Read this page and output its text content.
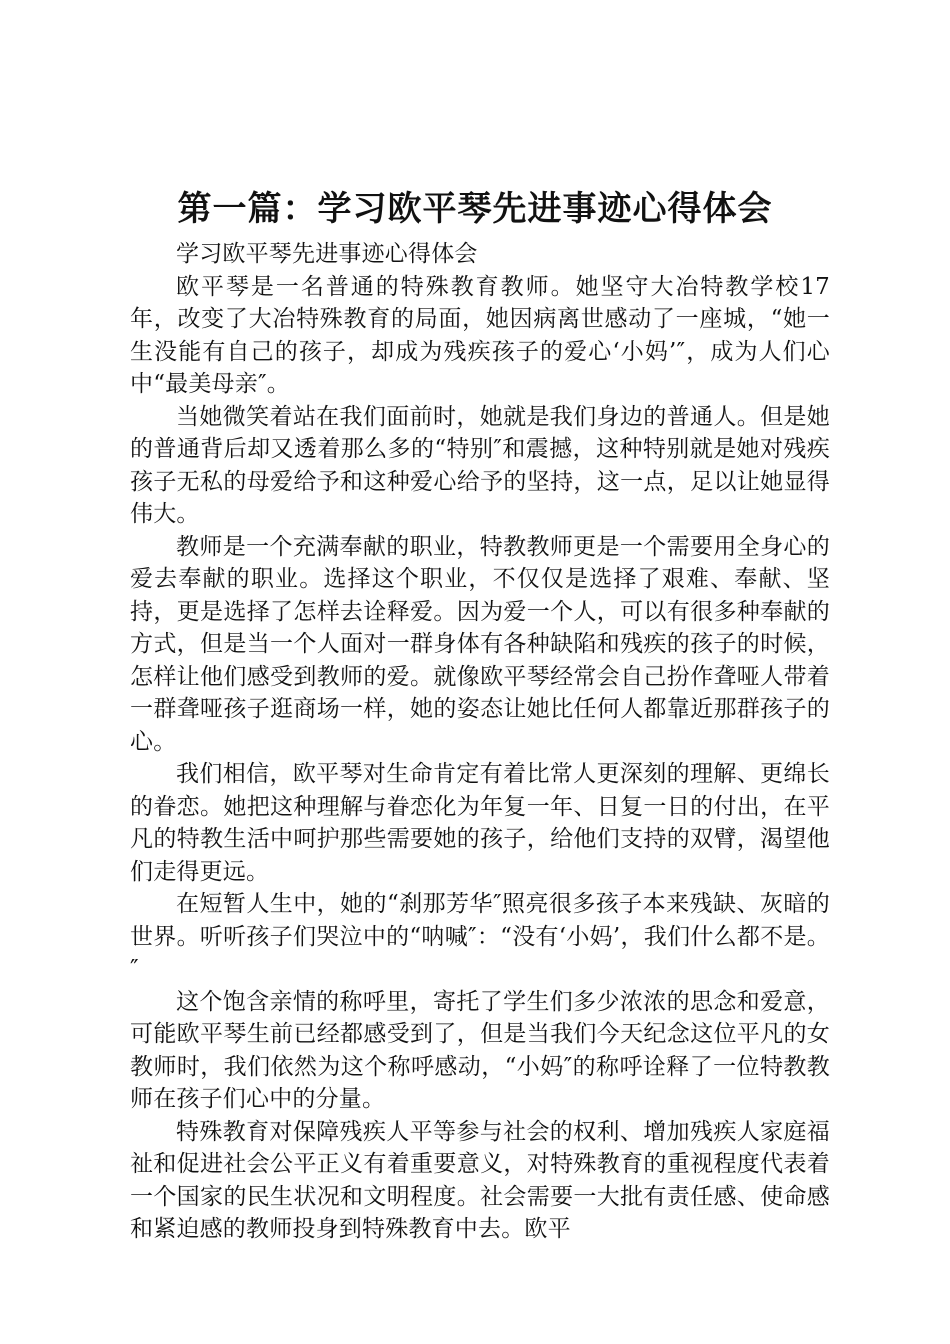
第一篇：学习欧平琴先进事迹心得体会

学习欧平琴先进事迹心得体会

欧平琴是一名普通的特殊教育教师。她坚守大冶特教学校17年，改变了大冶特殊教育的局面，她因病离世感动了一座城，“她一生没能有自己的孩子，却成为残疾孩子的爱心‘小妈’″，成为人们心中“最美母亲″。

当她微笑着站在我们面前时，她就是我们身边的普通人。但是她的普通背后却又透着那么多的“特别″和震撼，这种特别就是她对残疾孩子无私的母爱给予和这种爱心给予的坚持，这一点，足以让她显得伟大。

教师是一个充满奉献的职业，特教教师更是一个需要用全身心的爱去奉献的职业。选择这个职业，不仅仅是选择了艰难、奉献、坚持，更是选择了怎样去诠释爱。因为爱一个人，可以有很多种奉献的方式，但是当一个人面对一群身体有各种缺陷和残疾的孩子的时候，怎样让他们感受到教师的爱。就像欧平琴经常会自己扮作聋哑人带着一群聋哑孩子逛商场一样，她的姿态让她比任何人都靠近那群孩子的心。

我们相信，欧平琴对生命肯定有着比常人更深刻的理解、更绵长的眷恋。她把这种理解与眷恋化为年复一年、日复一日的付出，在平凡的特教生活中呵护那些需要她的孩子，给他们支持的双臂，渴望他们走得更远。

在短暂人生中，她的“刹那芳华″照亮很多孩子本来残缺、灰暗的世界。听听孩子们哭泣中的“呐喊″：“没有‘小妈’，我们什么都不是。″

这个饱含亲情的称呼里，寄托了学生们多少浓浓的思念和爱意，可能欧平琴生前已经都感受到了，但是当我们今天纪念这位平凡的女教师时，我们依然为这个称呼感动，“小妈″的称呼诠释了一位特教教师在孩子们心中的分量。

特殊教育对保障残疾人平等参与社会的权利、增加残疾人家庭福祉和促进社会公平正义有着重要意义，对特殊教育的重视程度代表着一个国家的民生状况和文明程度。社会需要一大批有责任感、使命感和紧迫感的教师投身到特殊教育中去。欧平
